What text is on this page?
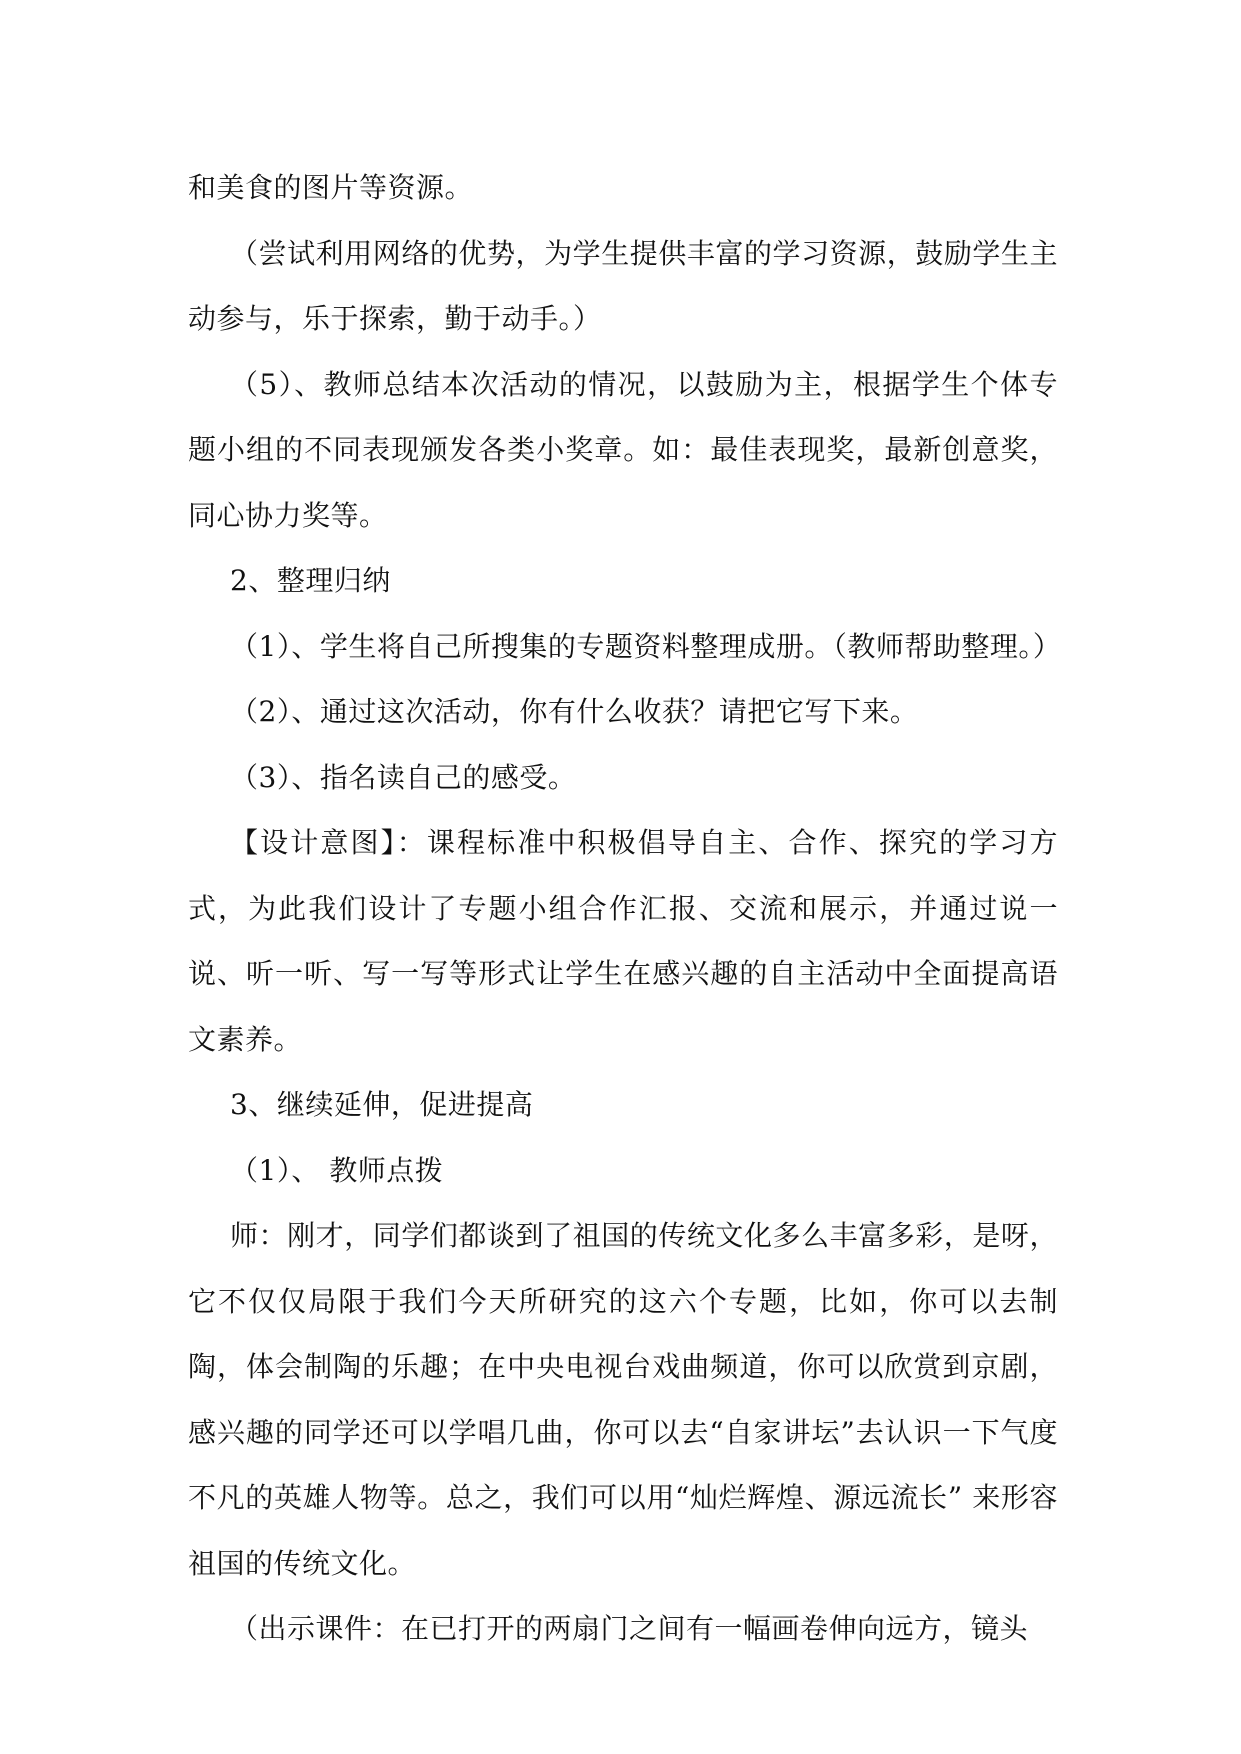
和美食的图片等资源。

（尝试利用网络的优势，为学生提供丰富的学习资源，鼓励学生主动参与，乐于探索，勤于动手。）

（5）、教师总结本次活动的情况，以鼓励为主，根据学生个体专题小组的不同表现颁发各类小奖章。如：最佳表现奖，最新创意奖，同心协力奖等。

2、整理归纳

（1）、学生将自己所搜集的专题资料整理成册。（教师帮助整理。）

（2）、通过这次活动，你有什么收获？请把它写下来。

（3）、指名读自己的感受。

【设计意图】：课程标准中积极倡导自主、合作、探究的学习方式，为此我们设计了专题小组合作汇报、交流和展示，并通过说一说、听一听、写一写等形式让学生在感兴趣的自主活动中全面提高语文素养。

3、继续延伸，促进提高

（1）、 教师点拨

师：刚才，同学们都谈到了祖国的传统文化多么丰富多彩，是呀，它不仅仅局限于我们今天所研究的这六个专题，比如，你可以去制陶，体会制陶的乐趣；在中央电视台戏曲频道，你可以欣赏到京剧，感兴趣的同学还可以学唱几曲，你可以去“自家讲坛”去认识一下气度不凡的英雄人物等。总之，我们可以用“灿烂辉煌、源远流长” 来形容祖国的传统文化。

（出示课件：在已打开的两扇门之间有一幅画卷伸向远方，镜头
